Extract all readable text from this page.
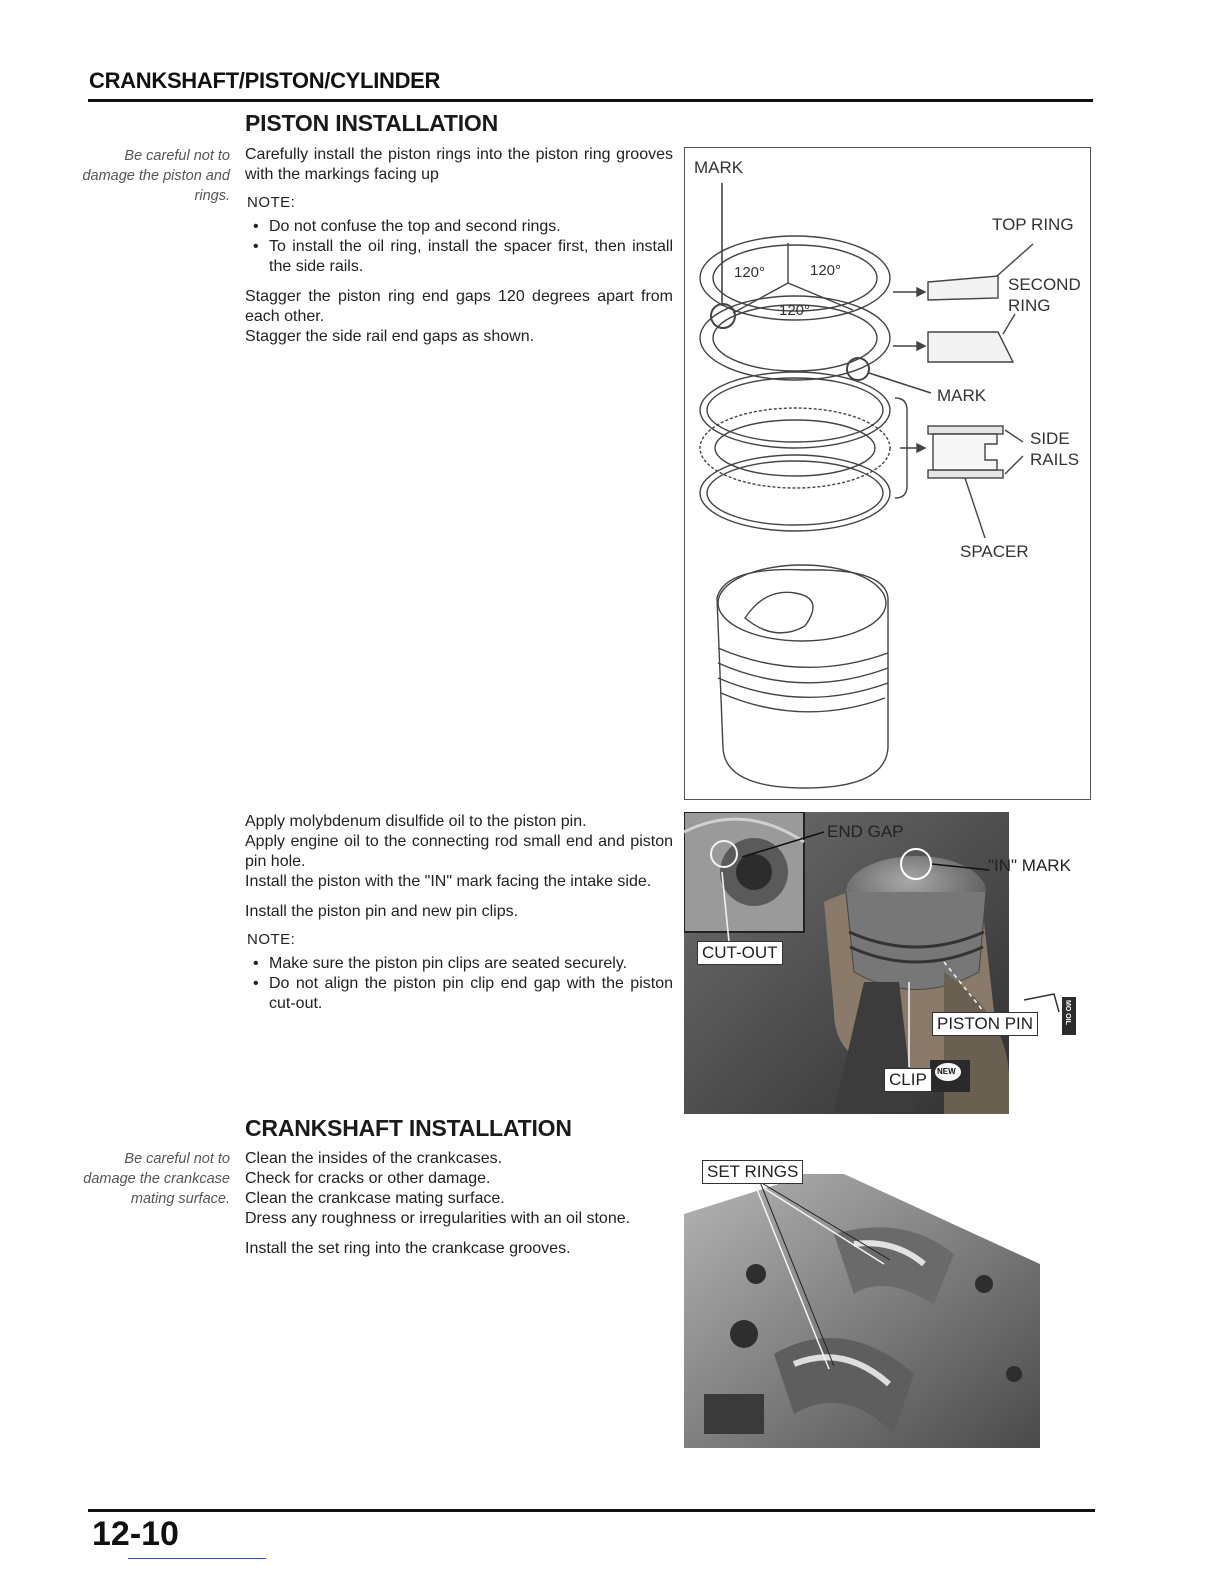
CRANKSHAFT/PISTON/CYLINDER
PISTON INSTALLATION
Be careful not to damage the piston and rings.

Carefully install the piston rings into the piston ring grooves with the markings facing up

NOTE:
• Do not confuse the top and second rings.
• To install the oil ring, install the spacer first, then install the side rails.

Stagger the piston ring end gaps 120 degrees apart from each other.

Stagger the side rail end gaps as shown.

MARK
120°	120°
120°
TOP RING
SECOND RING
MARK
SIDE RAILS
SPACER

Apply molybdenum disulfide oil to the piston pin.

Apply engine oil to the connecting rod small end and piston pin hole.

Install the piston with the "IN" mark facing the intake side.

Install the piston pin and new pin clips.

NOTE:
• Make sure the piston pin clips are seated securely.
• Do not align the piston pin clip end gap with the piston cut-out.
END GAP
"IN" MARK
CUT-OUT
PISTON PIN
CLIP	NEW
MO OIL
CRANKSHAFT INSTALLATION
Be careful not to damage the crankcase mating surface.

Clean the insides of the crankcases.

Check for cracks or other damage.

Clean the crankcase mating surface.

Dress any roughness or irregularities with an oil stone.

Install the set ring into the crankcase grooves.

SET RINGS
12-10
